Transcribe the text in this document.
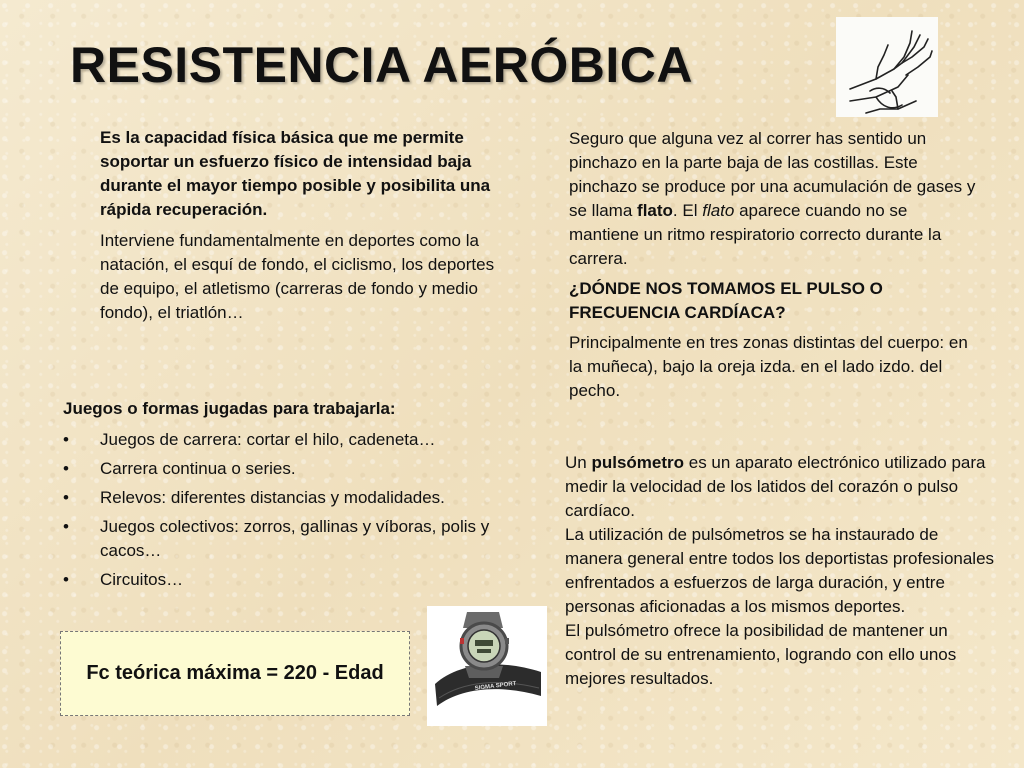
RESISTENCIA AERÓBICA

Es la capacidad física básica que me permite soportar un esfuerzo físico de intensidad baja durante el mayor tiempo posible y posibilita una rápida recuperación.

Interviene fundamentalmente en deportes como la natación, el esquí de fondo, el ciclismo, los deportes de equipo, el atletismo (carreras de fondo y medio fondo), el triatlón…

Juegos o formas jugadas para trabajarla:
• Juegos de carrera: cortar el hilo, cadeneta…
• Carrera continua o series.
• Relevos: diferentes distancias y modalidades.
• Juegos colectivos: zorros, gallinas y víboras, polis y cacos…
• Circuitos…
Fc teórica máxima = 220 - Edad
SIGMA SPORT

Seguro que alguna vez al correr has sentido un pinchazo en la parte baja de las costillas. Este pinchazo se produce por una acumulación de gases y se llama flato. El flato aparece cuando no se mantiene un ritmo respiratorio correcto durante la carrera.

¿DÓNDE NOS TOMAMOS EL PULSO O FRECUENCIA CARDÍACA?

Principalmente en tres zonas distintas del cuerpo: en la muñeca), bajo la oreja izda. en el lado izdo. del pecho.

Un pulsómetro es un aparato electrónico utilizado para medir la velocidad de los latidos del corazón o pulso cardíaco.

La utilización de pulsómetros se ha instaurado de manera general entre todos los deportistas profesionales enfrentados a esfuerzos de larga duración, y entre personas aficionadas a los mismos deportes.

El pulsómetro ofrece la posibilidad de mantener un control de su entrenamiento, logrando con ello unos mejores resultados.
